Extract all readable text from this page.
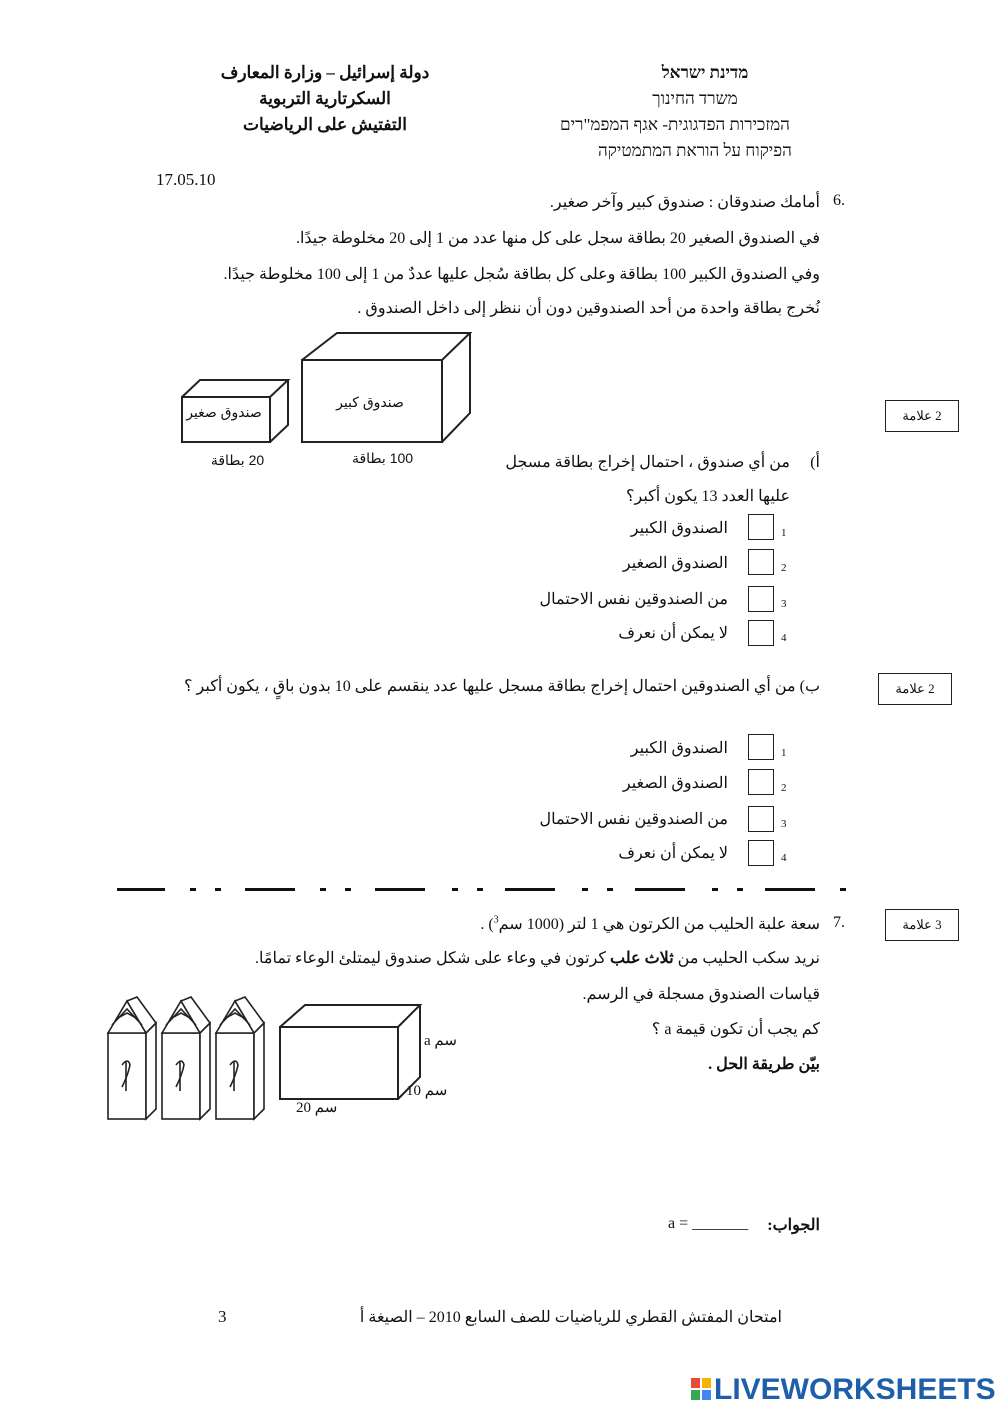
دولة إسرائيل – وزارة المعارف
السكرتارية التربوية
التفتيش على الرياضيات
מדינת ישראל
משרד החינוך
המזכירות הפדגוגית- אגף המפמ"רים
הפיקוח על הוראת המתמטיקה
17.05.10
6.
أمامك صندوقان : صندوق كبير وآخر صغير.
في الصندوق الصغير 20 بطاقة سجل على كل منها عدد من 1 إلى 20 مخلوطة جيدًا.
وفي الصندوق الكبير 100 بطاقة وعلى كل بطاقة سُجل عليها عددٌ من 1 إلى 100 مخلوطة جيدًا.
نُخرج بطاقة واحدة من أحد الصندوقين دون أن ننظر إلى داخل الصندوق .
صندوق صغير
صندوق كبير
20 بطاقة	100 بطاقة
2 علامة
أ)
من أي صندوق ، احتمال إخراج بطاقة مسجل
عليها العدد 13 يكون أكبر؟
1
الصندوق الكبير
2
الصندوق الصغير
3
من الصندوقين نفس الاحتمال
4
لا يمكن أن نعرف
2 علامة
ب) من أي الصندوقين احتمال إخراج بطاقة مسجل عليها عدد ينقسم على 10 بدون باقٍ ، يكون أكبر ؟
1
الصندوق الكبير
2
الصندوق الصغير
3
من الصندوقين نفس الاحتمال
4
لا يمكن أن نعرف
3 علامة
7.
سعة علبة الحليب من الكرتون هي 1 لتر (1000 سم$^3$) .
نريد سكب الحليب من ثلاث علب كرتون في وعاء على شكل صندوق ليمتلئ الوعاء تمامًا.
قياسات الصندوق مسجلة في الرسم.
كم يجب أن تكون قيمة a ؟
بيّن طريقة الحل .
a سم
10 سم
20 سم
الجواب:
a = _______
امتحان المفتش القطري للرياضيات للصف السابع 2010 – الصيغة أ
3
LIVEWORKSHEETS
